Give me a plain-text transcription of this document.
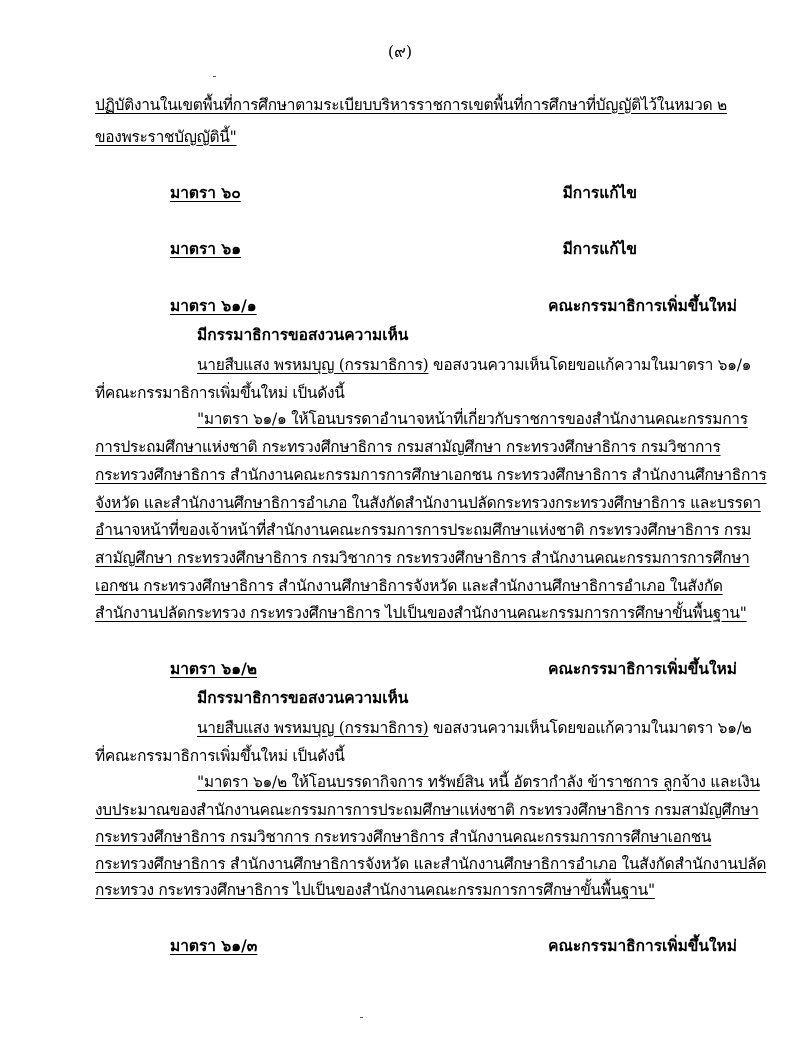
(๙)
ปฏิบัติงานในเขตพื้นที่การศึกษาตามระเบียบบริหารราชการเขตพื้นที่การศึกษาที่บัญญัติไว้ในหมวด ๒
ของพระราชบัญญัตินี้"
มาตรา ๖๐	มีการแก้ไข
มาตรา ๖๑	มีการแก้ไข
มาตรา ๖๑/๑	คณะกรรมาธิการเพิ่มขึ้นใหม่
มีกรรมาธิการขอสงวนความเห็น
นายสืบแสง พรหมบุญ (กรรมาธิการ) ขอสงวนความเห็นโดยขอแก้ความในมาตรา ๖๑/๑
ที่คณะกรรมาธิการเพิ่มขึ้นใหม่ เป็นดังนี้
"มาตรา ๖๑/๑ ให้โอนบรรดาอำนาจหน้าที่เกี่ยวกับราชการของสำนักงานคณะกรรมการ
การประถมศึกษาแห่งชาติ กระทรวงศึกษาธิการ กรมสามัญศึกษา กระทรวงศึกษาธิการ กรมวิชาการ
กระทรวงศึกษาธิการ สำนักงานคณะกรรมการการศึกษาเอกชน กระทรวงศึกษาธิการ สำนักงานศึกษาธิการ
จังหวัด และสำนักงานศึกษาธิการอำเภอ ในสังกัดสำนักงานปลัดกระทรวงกระทรวงศึกษาธิการ และบรรดา
อำนาจหน้าที่ของเจ้าหน้าที่สำนักงานคณะกรรมการการประถมศึกษาแห่งชาติ กระทรวงศึกษาธิการ กรม
สามัญศึกษา กระทรวงศึกษาธิการ กรมวิชาการ กระทรวงศึกษาธิการ สำนักงานคณะกรรมการการศึกษา
เอกชน กระทรวงศึกษาธิการ สำนักงานศึกษาธิการจังหวัด และสำนักงานศึกษาธิการอำเภอ ในสังกัด
สำนักงานปลัดกระทรวง กระทรวงศึกษาธิการ ไปเป็นของสำนักงานคณะกรรมการการศึกษาขั้นพื้นฐาน"
มาตรา ๖๑/๒	คณะกรรมาธิการเพิ่มขึ้นใหม่
มีกรรมาธิการขอสงวนความเห็น
นายสืบแสง พรหมบุญ (กรรมาธิการ) ขอสงวนความเห็นโดยขอแก้ความในมาตรา ๖๑/๒
ที่คณะกรรมาธิการเพิ่มขึ้นใหม่ เป็นดังนี้
"มาตรา ๖๑/๒ ให้โอนบรรดากิจการ ทรัพย์สิน หนี้ อัตรากำลัง ข้าราชการ ลูกจ้าง และเงิน
งบประมาณของสำนักงานคณะกรรมการการประถมศึกษาแห่งชาติ กระทรวงศึกษาธิการ กรมสามัญศึกษา
กระทรวงศึกษาธิการ กรมวิชาการ กระทรวงศึกษาธิการ สำนักงานคณะกรรมการการศึกษาเอกชน
กระทรวงศึกษาธิการ สำนักงานศึกษาธิการจังหวัด และสำนักงานศึกษาธิการอำเภอ ในสังกัดสำนักงานปลัด
กระทรวง กระทรวงศึกษาธิการ ไปเป็นของสำนักงานคณะกรรมการการศึกษาขั้นพื้นฐาน"
มาตรา ๖๑/๓	คณะกรรมาธิการเพิ่มขึ้นใหม่
